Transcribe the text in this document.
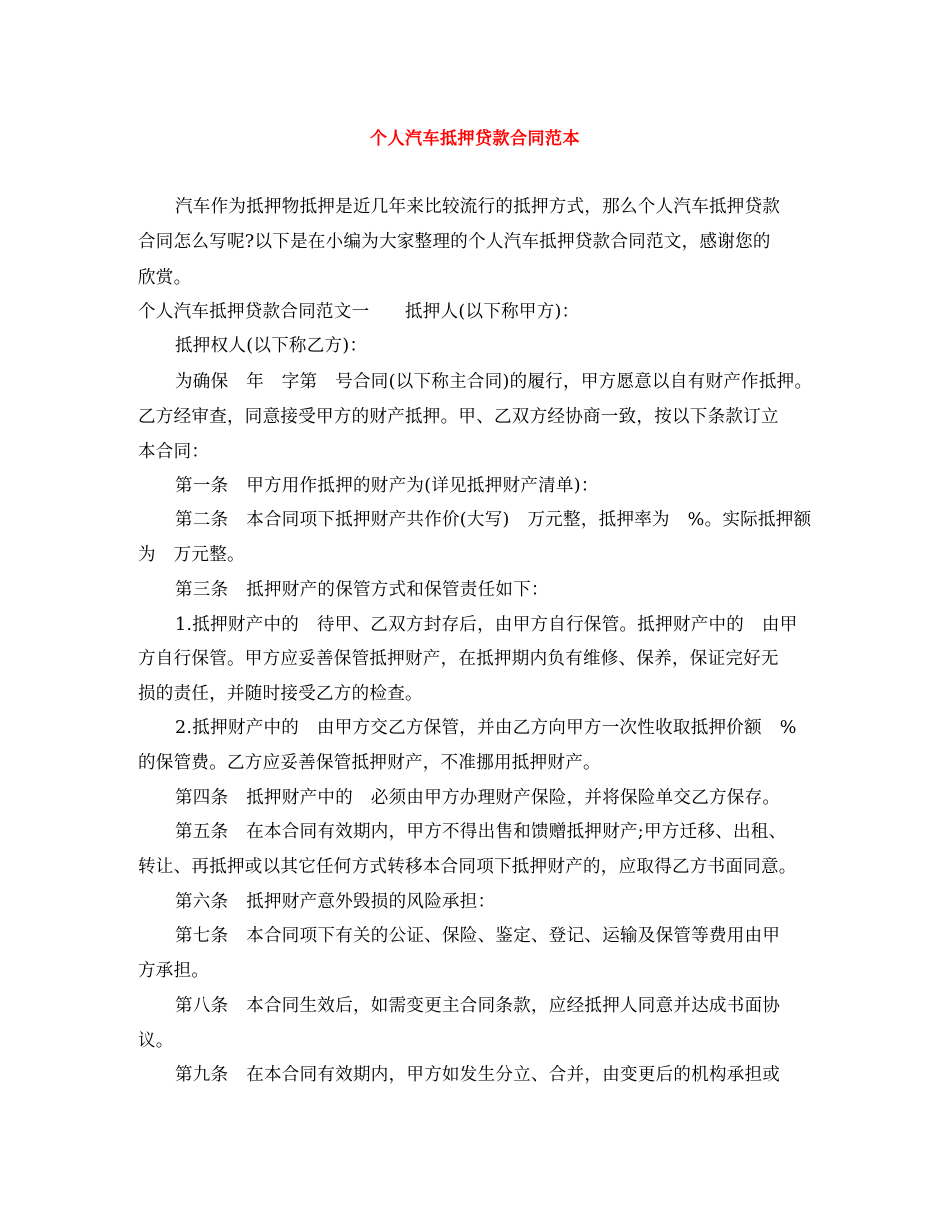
个人汽车抵押贷款合同范本
汽车作为抵押物抵押是近几年来比较流行的抵押方式，那么个人汽车抵押贷款
合同怎么写呢?以下是在小编为大家整理的个人汽车抵押贷款合同范文，感谢您的
欣赏。
个人汽车抵押贷款合同范文一　　抵押人(以下称甲方)：
抵押权人(以下称乙方)：
为确保　年　字第　号合同(以下称主合同)的履行，甲方愿意以自有财产作抵押。
乙方经审查，同意接受甲方的财产抵押。甲、乙双方经协商一致，按以下条款订立
本合同：
第一条　甲方用作抵押的财产为(详见抵押财产清单)：
第二条　本合同项下抵押财产共作价(大写)　万元整，抵押率为　%。实际抵押额
为　万元整。
第三条　抵押财产的保管方式和保管责任如下：
1.抵押财产中的　待甲、乙双方封存后，由甲方自行保管。抵押财产中的　由甲
方自行保管。甲方应妥善保管抵押财产，在抵押期内负有维修、保养，保证完好无
损的责任，并随时接受乙方的检查。
2.抵押财产中的　由甲方交乙方保管，并由乙方向甲方一次性收取抵押价额　%
的保管费。乙方应妥善保管抵押财产，不准挪用抵押财产。
第四条　抵押财产中的　必须由甲方办理财产保险，并将保险单交乙方保存。
第五条　在本合同有效期内，甲方不得出售和馈赠抵押财产;甲方迁移、出租、
转让、再抵押或以其它任何方式转移本合同项下抵押财产的，应取得乙方书面同意。
第六条　抵押财产意外毁损的风险承担：
第七条　本合同项下有关的公证、保险、鉴定、登记、运输及保管等费用由甲
方承担。
第八条　本合同生效后，如需变更主合同条款，应经抵押人同意并达成书面协
议。
第九条　在本合同有效期内，甲方如发生分立、合并，由变更后的机构承担或
